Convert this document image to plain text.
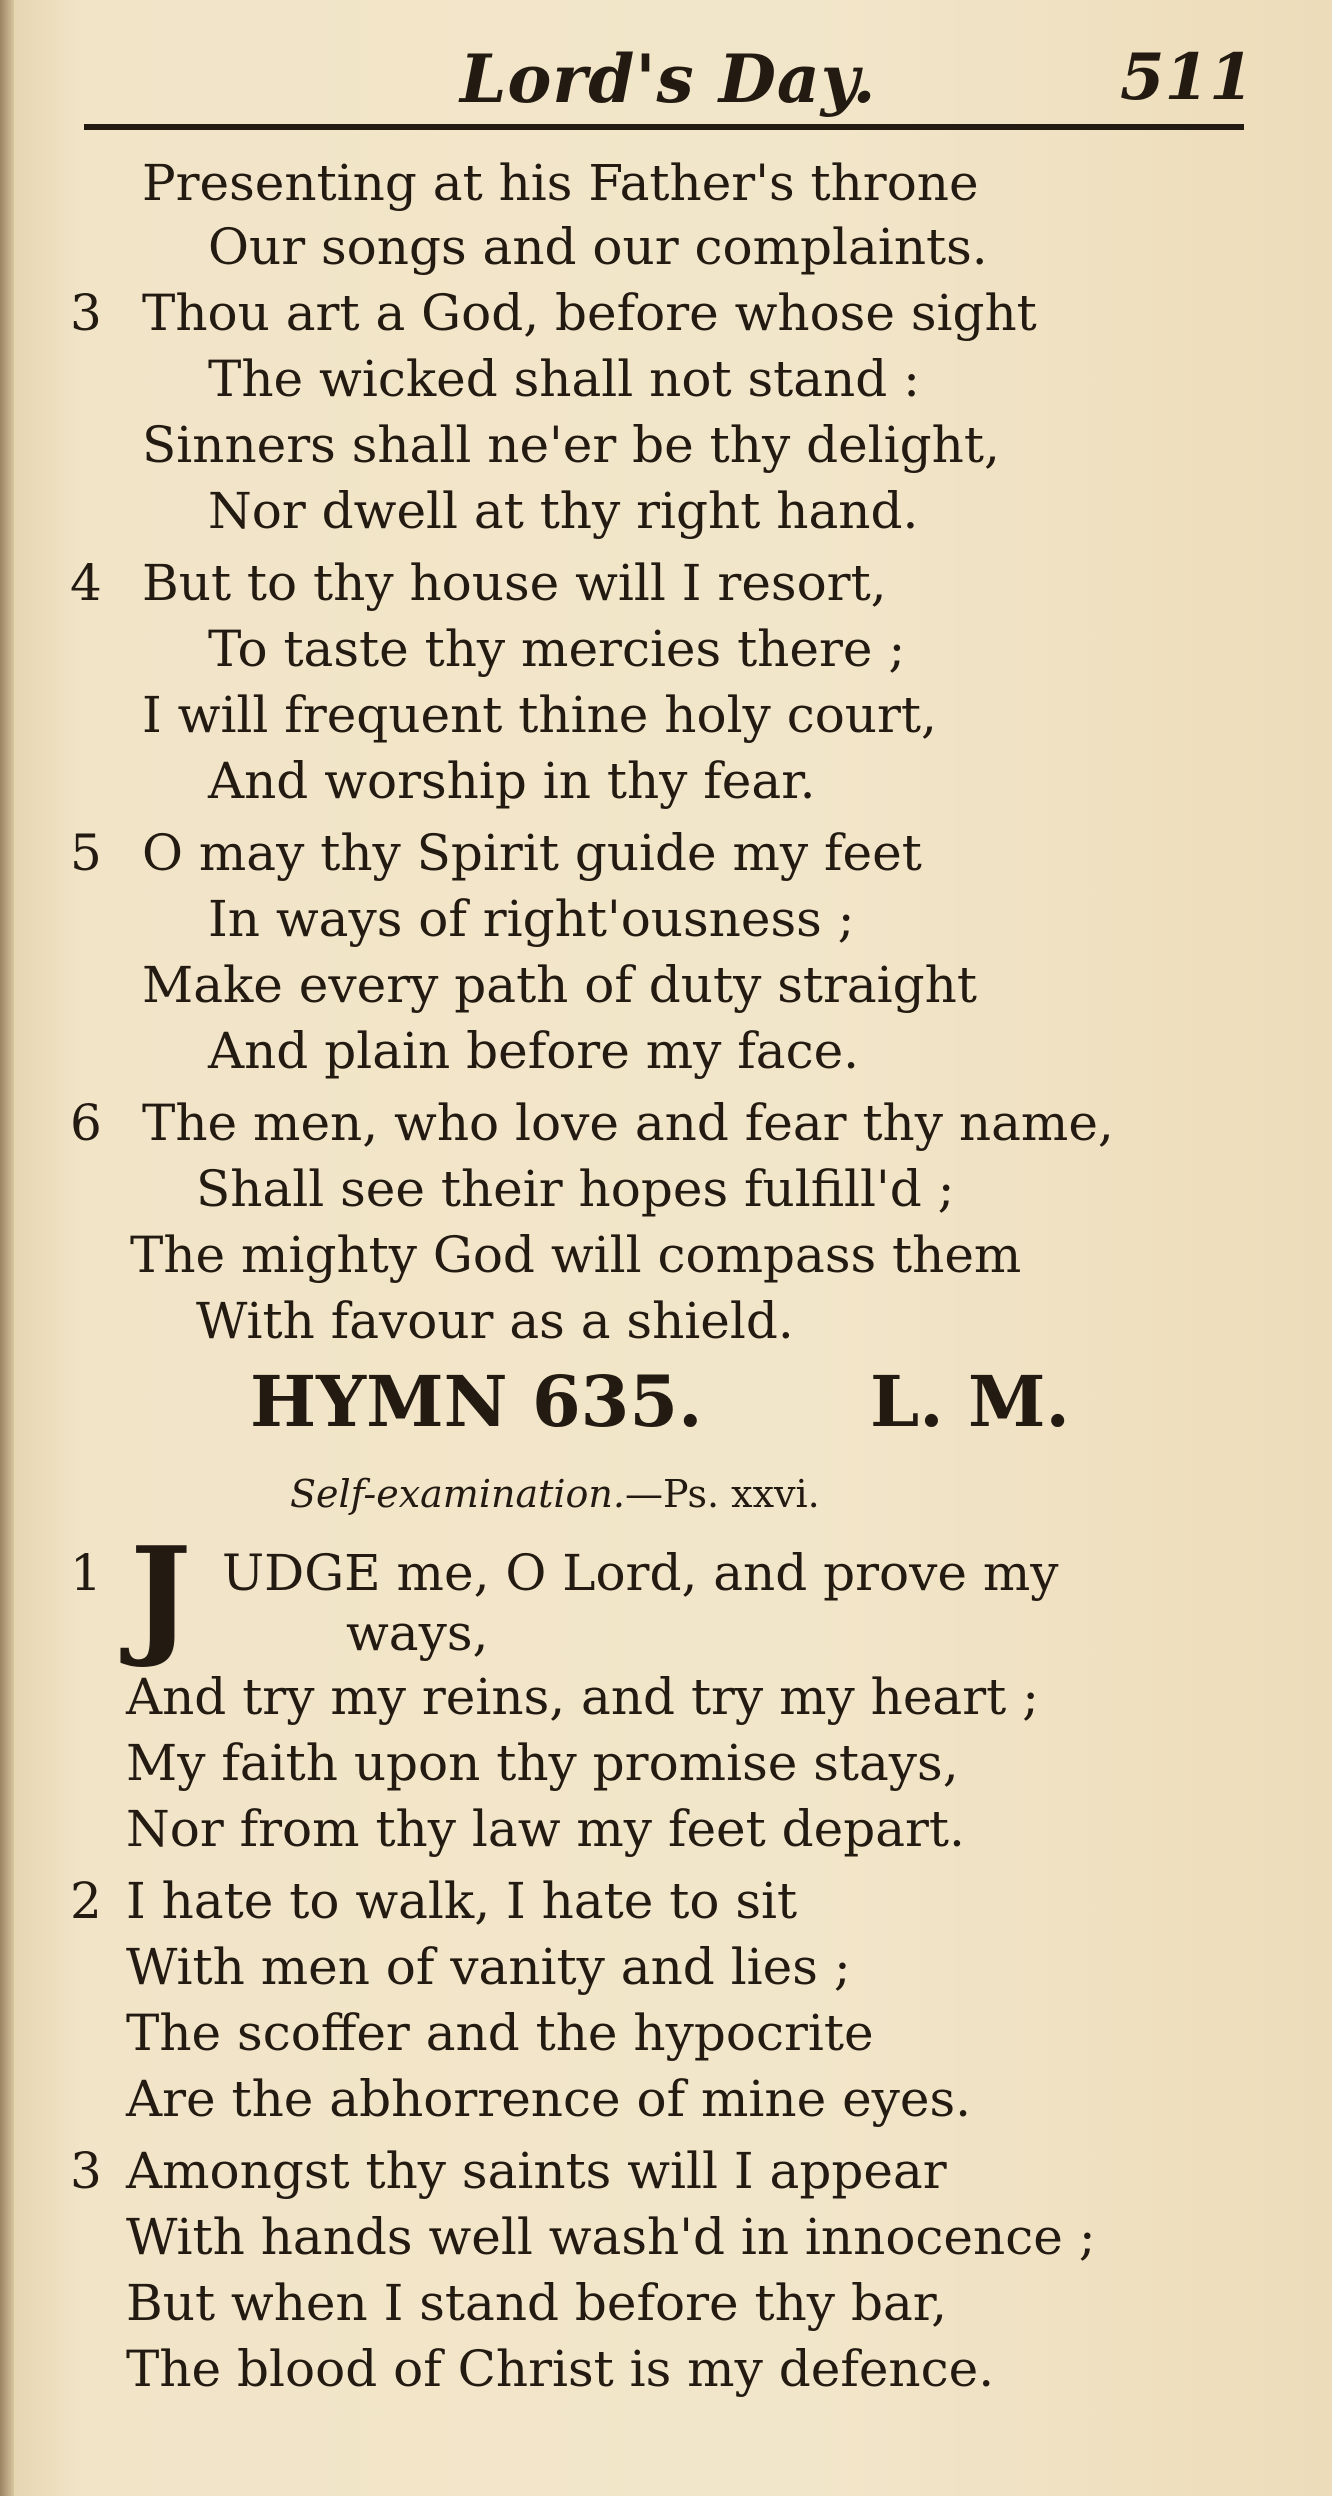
Lord's Day.	511
Presenting at his Father's throne
Our songs and our complaints.
3 Thou art a God, before whose sight
The wicked shall not stand :
Sinners shall ne'er be thy delight,
Nor dwell at thy right hand.
4 But to thy house will I resort,
To taste thy mercies there ;
I will frequent thine holy court,
And worship in thy fear.
5 O may thy Spirit guide my feet
In ways of right'ousness ;
Make every path of duty straight
And plain before my face.
6 The men, who love and fear thy name,
Shall see their hopes fulfill'd ;
The mighty God will compass them
With favour as a shield.
HYMN 635. L. M.
Self-examination.—Ps. xxvi.
1 J UDGE me, O Lord, and prove my
ways,
And try my reins, and try my heart ;
My faith upon thy promise stays,
Nor from thy law my feet depart.
2 I hate to walk, I hate to sit
With men of vanity and lies ;
The scoffer and the hypocrite
Are the abhorrence of mine eyes.
3 Amongst thy saints will I appear
With hands well wash'd in innocence ;
But when I stand before thy bar,
The blood of Christ is my defence.
